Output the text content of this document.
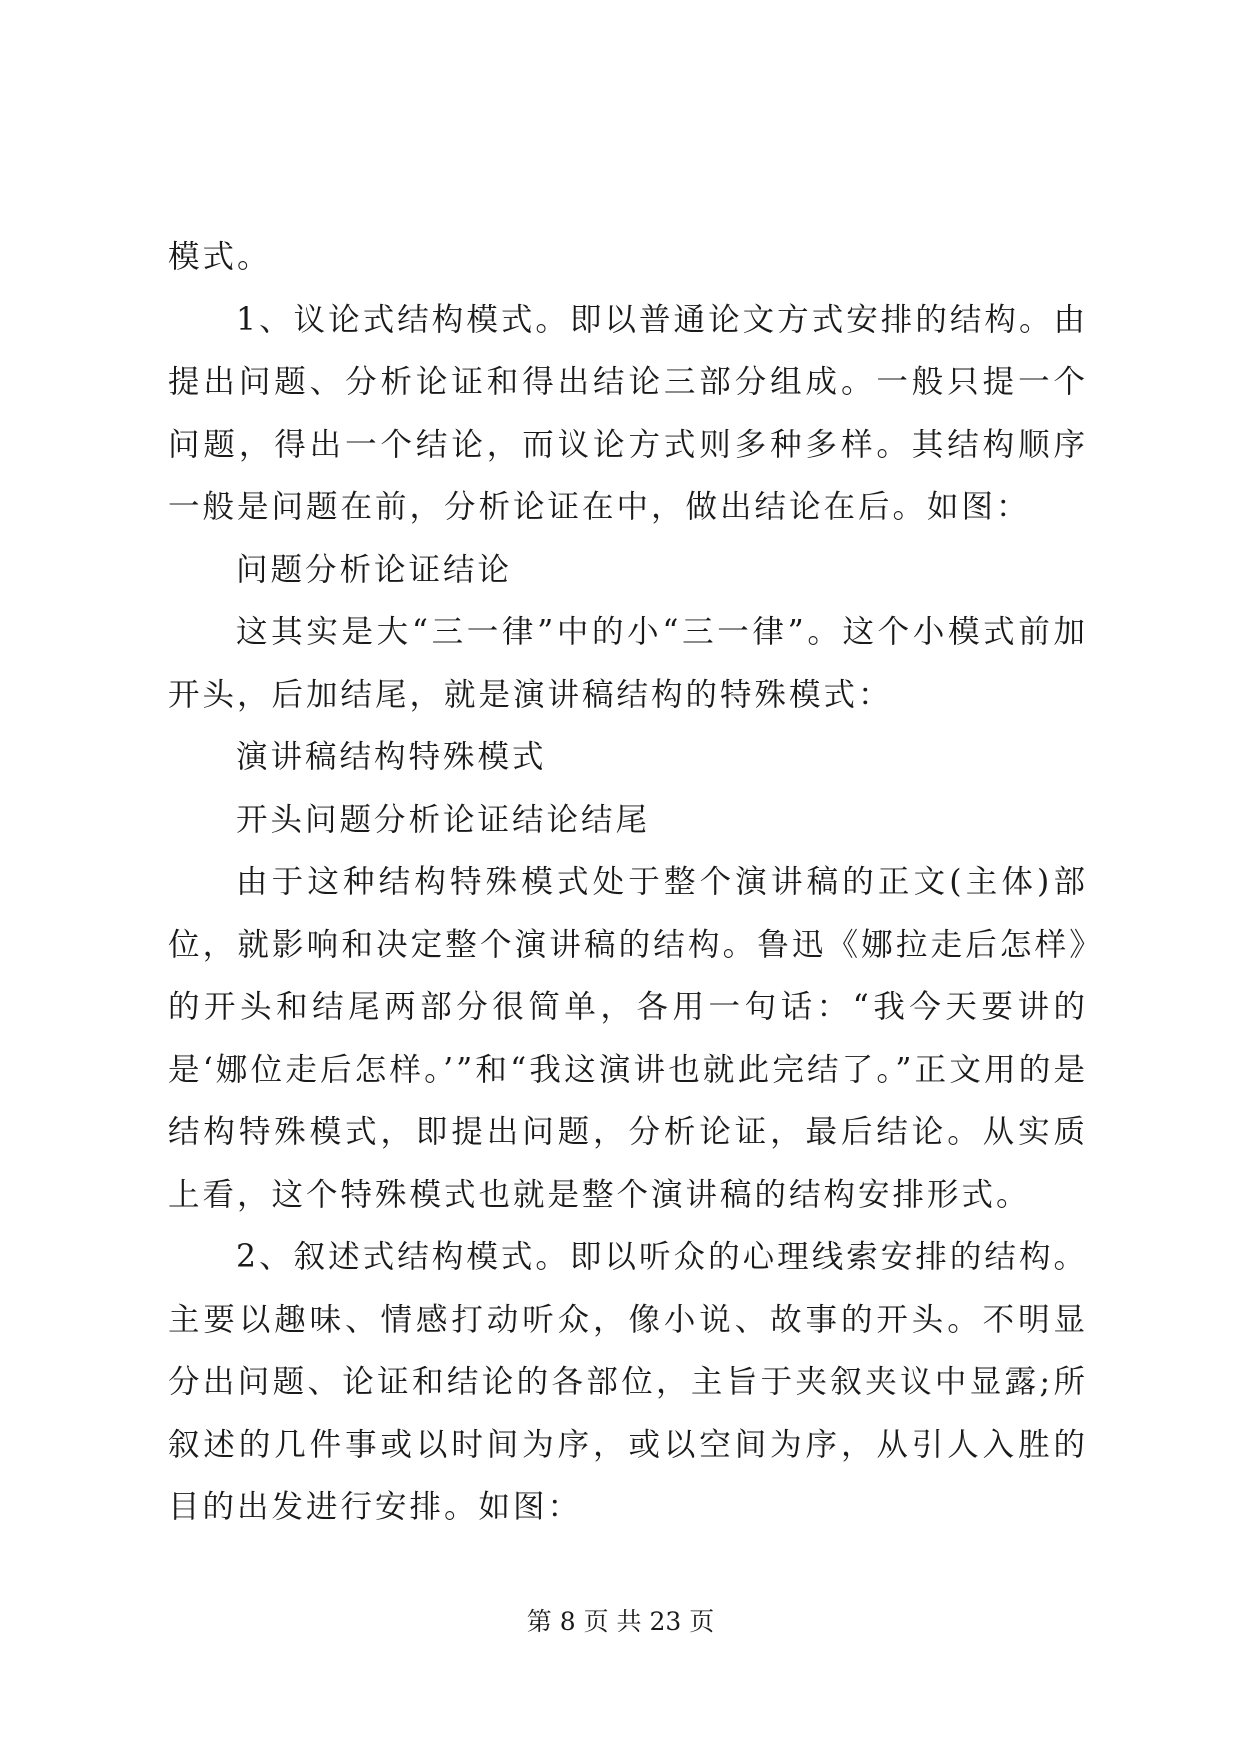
模式。

1、议论式结构模式。即以普通论文方式安排的结构。由提出问题、分析论证和得出结论三部分组成。一般只提一个问题，得出一个结论，而议论方式则多种多样。其结构顺序一般是问题在前，分析论证在中，做出结论在后。如图：

问题分析论证结论

这其实是大“三一律”中的小“三一律”。这个小模式前加开头，后加结尾，就是演讲稿结构的特殊模式：

演讲稿结构特殊模式

开头问题分析论证结论结尾

由于这种结构特殊模式处于整个演讲稿的正文(主体)部位，就影响和决定整个演讲稿的结构。鲁迅《娜拉走后怎样》的开头和结尾两部分很简单，各用一句话：“我今天要讲的是‘娜位走后怎样。’”和“我这演讲也就此完结了。”正文用的是结构特殊模式，即提出问题，分析论证，最后结论。从实质上看，这个特殊模式也就是整个演讲稿的结构安排形式。

2、叙述式结构模式。即以听众的心理线索安排的结构。主要以趣味、情感打动听众，像小说、故事的开头。不明显分出问题、论证和结论的各部位，主旨于夹叙夹议中显露;所叙述的几件事或以时间为序，或以空间为序，从引人入胜的目的出发进行安排。如图：

第 8 页 共 23 页
